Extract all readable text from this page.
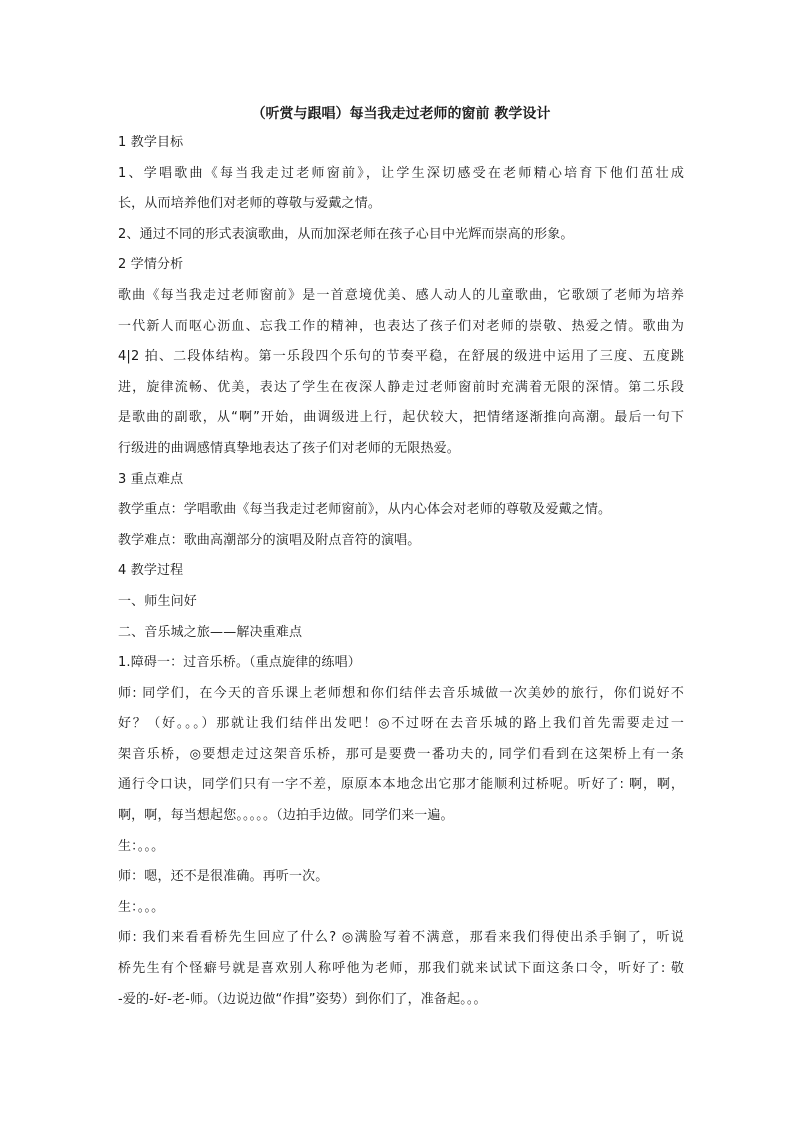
（听赏与跟唱）每当我走过老师的窗前 教学设计

1 教学目标

1、学唱歌曲《每当我走过老师窗前》，让学生深切感受在老师精心培育下他们茁壮成

长，从而培养他们对老师的尊敬与爱戴之情。

2、通过不同的形式表演歌曲，从而加深老师在孩子心目中光辉而崇高的形象。

2 学情分析

歌曲《每当我走过老师窗前》是一首意境优美、感人动人的儿童歌曲，它歌颂了老师为培养

一代新人而呕心沥血、忘我工作的精神，也表达了孩子们对老师的崇敬、热爱之情。歌曲为

4|2 拍、二段体结构。第一乐段四个乐句的节奏平稳，在舒展的级进中运用了三度、五度跳

进，旋律流畅、优美，表达了学生在夜深人静走过老师窗前时充满着无限的深情。第二乐段

是歌曲的副歌，从“啊”开始，曲调级进上行，起伏较大，把情绪逐渐推向高潮。最后一句下

行级进的曲调感情真挚地表达了孩子们对老师的无限热爱。

3 重点难点

教学重点：学唱歌曲《每当我走过老师窗前》，从内心体会对老师的尊敬及爱戴之情。

教学难点：歌曲高潮部分的演唱及附点音符的演唱。

4 教学过程

一、师生问好

二、音乐城之旅——解决重难点

1.障碍一：过音乐桥。（重点旋律的练唱）

师: 同学们，在今天的音乐课上老师想和你们结伴去音乐城做一次美妙的旅行，你们说好不

好？（好。。。）那就让我们结伴出发吧！◎不过呀在去音乐城的路上我们首先需要走过一

架音乐桥，◎要想走过这架音乐桥，那可是要费一番功夫的, 同学们看到在这架桥上有一条

通行令口诀，同学们只有一字不差，原原本本地念出它那才能顺利过桥呢。听好了: 啊，啊，

啊，啊，每当想起您。。。。。（边拍手边做。同学们来一遍。

生：。。。

师：嗯，还不是很准确。再听一次。

生：。。。

师: 我们来看看桥先生回应了什么? ◎满脸写着不满意，那看来我们得使出杀手锏了，听说

桥先生有个怪癖号就是喜欢别人称呼他为老师，那我们就来试试下面这条口令，听好了: 敬

-爱的-好-老-师。（边说边做“作揖”姿势）到你们了，准备起。。。
